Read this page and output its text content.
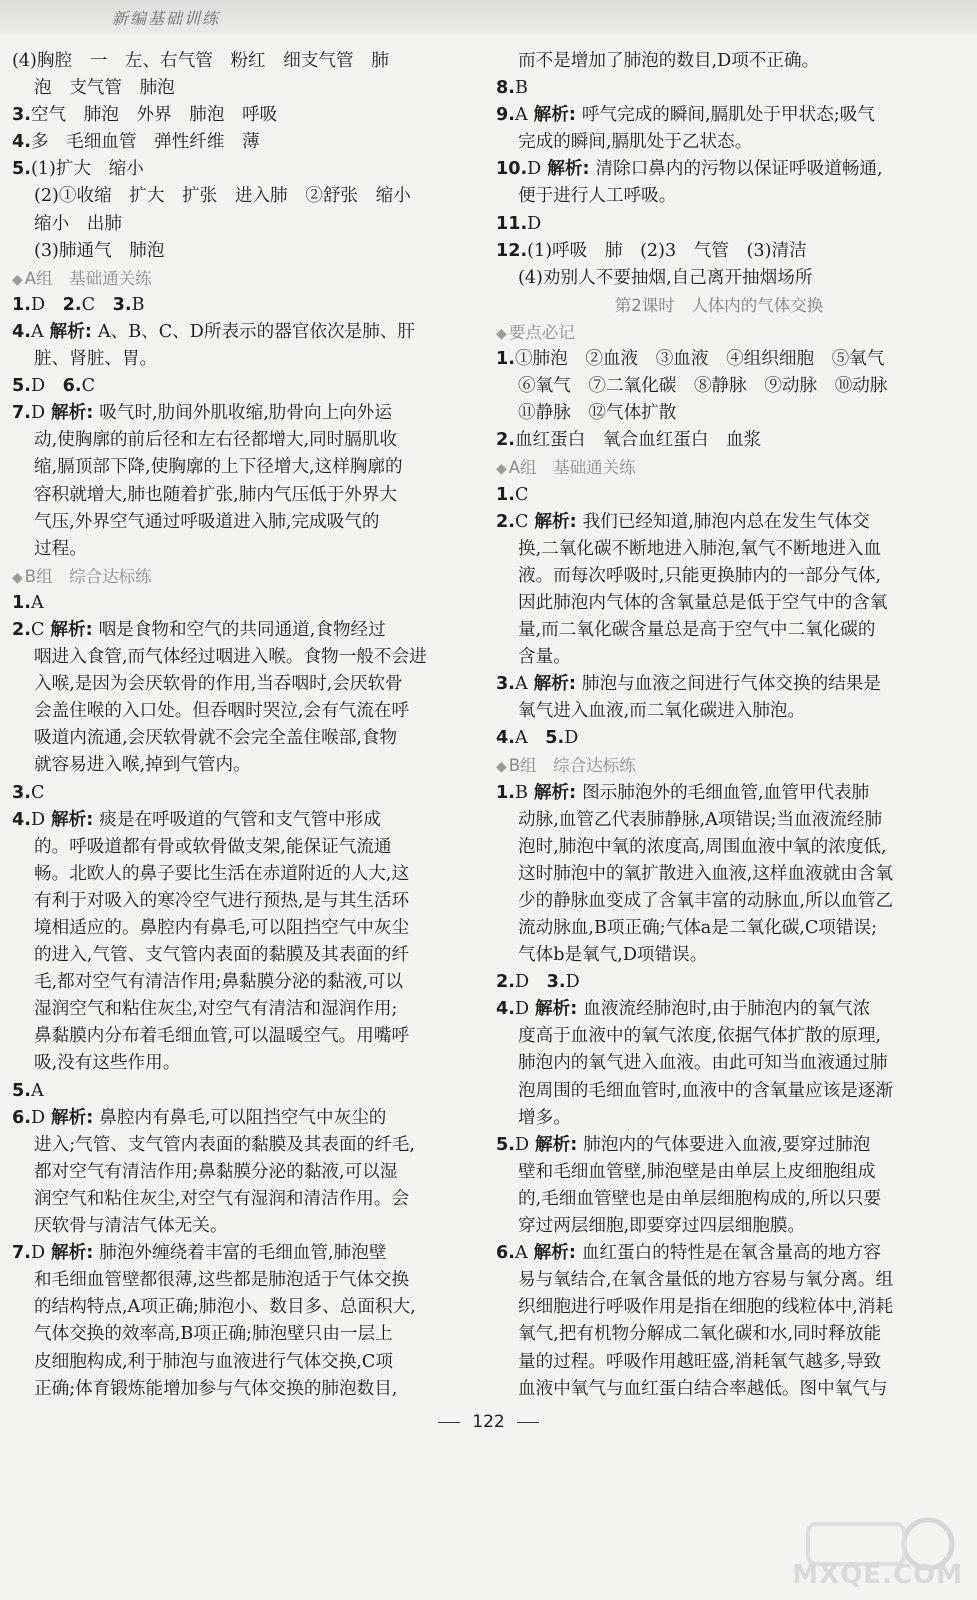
新编基础训练
(4)胸腔　一　左、右气管　粉红　细支气管　肺
泡　支气管　肺泡
3.空气　肺泡　外界　肺泡　呼吸
4.多　毛细血管　弹性纤维　薄
5.(1)扩大　缩小
(2)①收缩　扩大　扩张　进入肺　②舒张　缩小
缩小　出肺
(3)肺通气　肺泡
◆ A组　基础通关练
1.D　2.C　3.B
4.A 解析: A、B、C、D所表示的器官依次是肺、肝
脏、肾脏、胃。
5.D　6.C
7.D 解析: 吸气时,肋间外肌收缩,肋骨向上向外运
动,使胸廓的前后径和左右径都增大,同时膈肌收
缩,膈顶部下降,使胸廓的上下径增大,这样胸廓的
容积就增大,肺也随着扩张,肺内气压低于外界大
气压,外界空气通过呼吸道进入肺,完成吸气的
过程。
◆ B组　综合达标练
1.A
2.C 解析: 咽是食物和空气的共同通道,食物经过
咽进入食管,而气体经过咽进入喉。食物一般不会进
入喉,是因为会厌软骨的作用,当吞咽时,会厌软骨
会盖住喉的入口处。但吞咽时哭泣,会有气流在呼
吸道内流通,会厌软骨就不会完全盖住喉部,食物
就容易进入喉,掉到气管内。
3.C
4.D 解析: 痰是在呼吸道的气管和支气管中形成
的。呼吸道都有骨或软骨做支架,能保证气流通
畅。北欧人的鼻子要比生活在赤道附近的人大,这
有利于对吸入的寒冷空气进行预热,是与其生活环
境相适应的。鼻腔内有鼻毛,可以阻挡空气中灰尘
的进入,气管、支气管内表面的黏膜及其表面的纤
毛,都对空气有清洁作用;鼻黏膜分泌的黏液,可以
湿润空气和粘住灰尘,对空气有清洁和湿润作用;
鼻黏膜内分布着毛细血管,可以温暖空气。用嘴呼
吸,没有这些作用。
5.A
6.D 解析: 鼻腔内有鼻毛,可以阻挡空气中灰尘的
进入;气管、支气管内表面的黏膜及其表面的纤毛,
都对空气有清洁作用;鼻黏膜分泌的黏液,可以湿
润空气和粘住灰尘,对空气有湿润和清洁作用。会
厌软骨与清洁气体无关。
7.D 解析: 肺泡外缠绕着丰富的毛细血管,肺泡壁
和毛细血管壁都很薄,这些都是肺泡适于气体交换
的结构特点,A项正确;肺泡小、数目多、总面积大,
气体交换的效率高,B项正确;肺泡壁只由一层上
皮细胞构成,利于肺泡与血液进行气体交换,C项
正确;体育锻炼能增加参与气体交换的肺泡数目,
而不是增加了肺泡的数目,D项不正确。
8.B
9.A 解析: 呼气完成的瞬间,膈肌处于甲状态;吸气
完成的瞬间,膈肌处于乙状态。
10.D 解析: 清除口鼻内的污物以保证呼吸道畅通,
便于进行人工呼吸。
11.D
12.(1)呼吸　肺　(2)3　气管　(3)清洁
(4)劝别人不要抽烟,自己离开抽烟场所
第2课时　人体内的气体交换
◆ 要点必记
1.①肺泡　②血液　③血液　④组织细胞　⑤氧气
⑥氧气　⑦二氧化碳　⑧静脉　⑨动脉　⑩动脉
⑪静脉　⑫气体扩散
2.血红蛋白　氧合血红蛋白　血浆
◆ A组　基础通关练
1.C
2.C 解析: 我们已经知道,肺泡内总在发生气体交
换,二氧化碳不断地进入肺泡,氧气不断地进入血
液。而每次呼吸时,只能更换肺内的一部分气体,
因此肺泡内气体的含氧量总是低于空气中的含氧
量,而二氧化碳含量总是高于空气中二氧化碳的
含量。
3.A 解析: 肺泡与血液之间进行气体交换的结果是
氧气进入血液,而二氧化碳进入肺泡。
4.A　5.D
◆ B组　综合达标练
1.B 解析: 图示肺泡外的毛细血管,血管甲代表肺
动脉,血管乙代表肺静脉,A项错误;当血液流经肺
泡时,肺泡中氧的浓度高,周围血液中氧的浓度低,
这时肺泡中的氧扩散进入血液,这样血液就由含氧
少的静脉血变成了含氧丰富的动脉血,所以血管乙
流动脉血,B项正确;气体a是二氧化碳,C项错误;
气体b是氧气,D项错误。
2.D　3.D
4.D 解析: 血液流经肺泡时,由于肺泡内的氧气浓
度高于血液中的氧气浓度,依据气体扩散的原理,
肺泡内的氧气进入血液。由此可知当血液通过肺
泡周围的毛细血管时,血液中的含氧量应该是逐渐
增多。
5.D 解析: 肺泡内的气体要进入血液,要穿过肺泡
壁和毛细血管壁,肺泡壁是由单层上皮细胞组成
的,毛细血管壁也是由单层细胞构成的,所以只要
穿过两层细胞,即要穿过四层细胞膜。
6.A 解析: 血红蛋白的特性是在氧含量高的地方容
易与氧结合,在氧含量低的地方容易与氧分离。组
织细胞进行呼吸作用是指在细胞的线粒体中,消耗
氧气,把有机物分解成二氧化碳和水,同时释放能
量的过程。呼吸作用越旺盛,消耗氧气越多,导致
血液中氧气与血红蛋白结合率越低。图中氧气与
122
MXQE.COM
